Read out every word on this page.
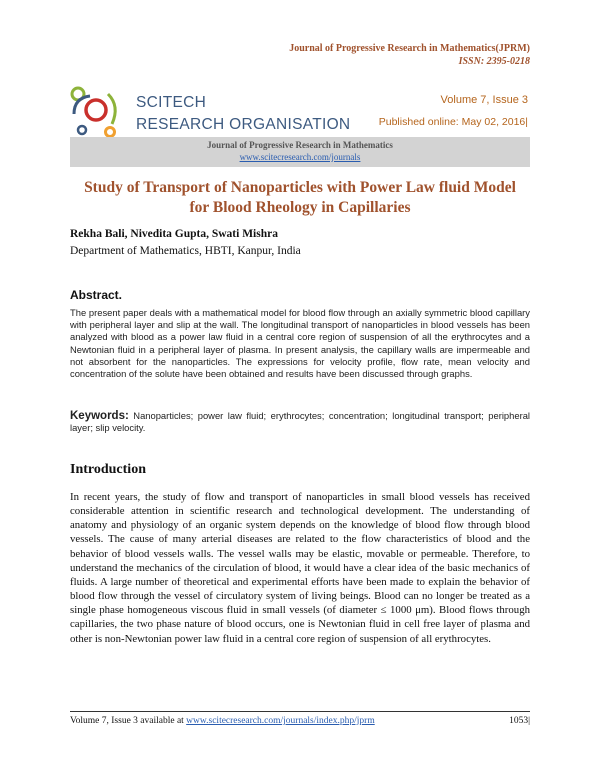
Journal of Progressive Research in Mathematics(JPRM)
ISSN: 2395-0218
SCITECH
RESEARCH ORGANISATION
Volume 7, Issue 3
Published online: May 02, 2016|
Journal of Progressive Research in Mathematics
www.scitecresearch.com/journals
Study of Transport of Nanoparticles with Power Law fluid Model
for Blood Rheology in Capillaries
Rekha Bali, Nivedita Gupta, Swati Mishra
Department of Mathematics, HBTI, Kanpur, India
Abstract.
The present paper deals with a mathematical model for blood flow through an axially symmetric blood capillary with peripheral layer and slip at the wall. The longitudinal transport of nanoparticles in blood vessels has been analyzed with blood as a power law fluid in a central core region of suspension of all the erythrocytes and a Newtonian fluid in a peripheral layer of plasma. In present analysis, the capillary walls are impermeable and not absorbent for the nanoparticles. The expressions for velocity profile, flow rate, mean velocity and concentration of the solute have been obtained and results have been discussed through graphs.
Keywords: Nanoparticles; power law fluid; erythrocytes; concentration; longitudinal transport; peripheral layer; slip velocity.
Introduction
In recent years, the study of flow and transport of nanoparticles in small blood vessels has received considerable attention in scientific research and technological development. The understanding of anatomy and physiology of an organic system depends on the knowledge of blood flow through blood vessels. The cause of many arterial diseases are related to the flow characteristics of blood and the behavior of blood vessels walls. The vessel walls may be elastic, movable or permeable. Therefore, to understand the mechanics of the circulation of blood, it would have a clear idea of the basic mechanics of fluids. A large number of theoretical and experimental efforts have been made to explain the behavior of blood flow through the vessel of circulatory system of living beings. Blood can no longer be treated as a single phase homogeneous viscous fluid in small vessels (of diameter ≤ 1000 μm). Blood flows through capillaries, the two phase nature of blood occurs, one is Newtonian fluid in cell free layer of plasma and other is non-Newtonian power law fluid in a central core region of suspension of all erythrocytes.
Volume 7, Issue 3 available at www.scitecresearch.com/journals/index.php/jprm	1053|
